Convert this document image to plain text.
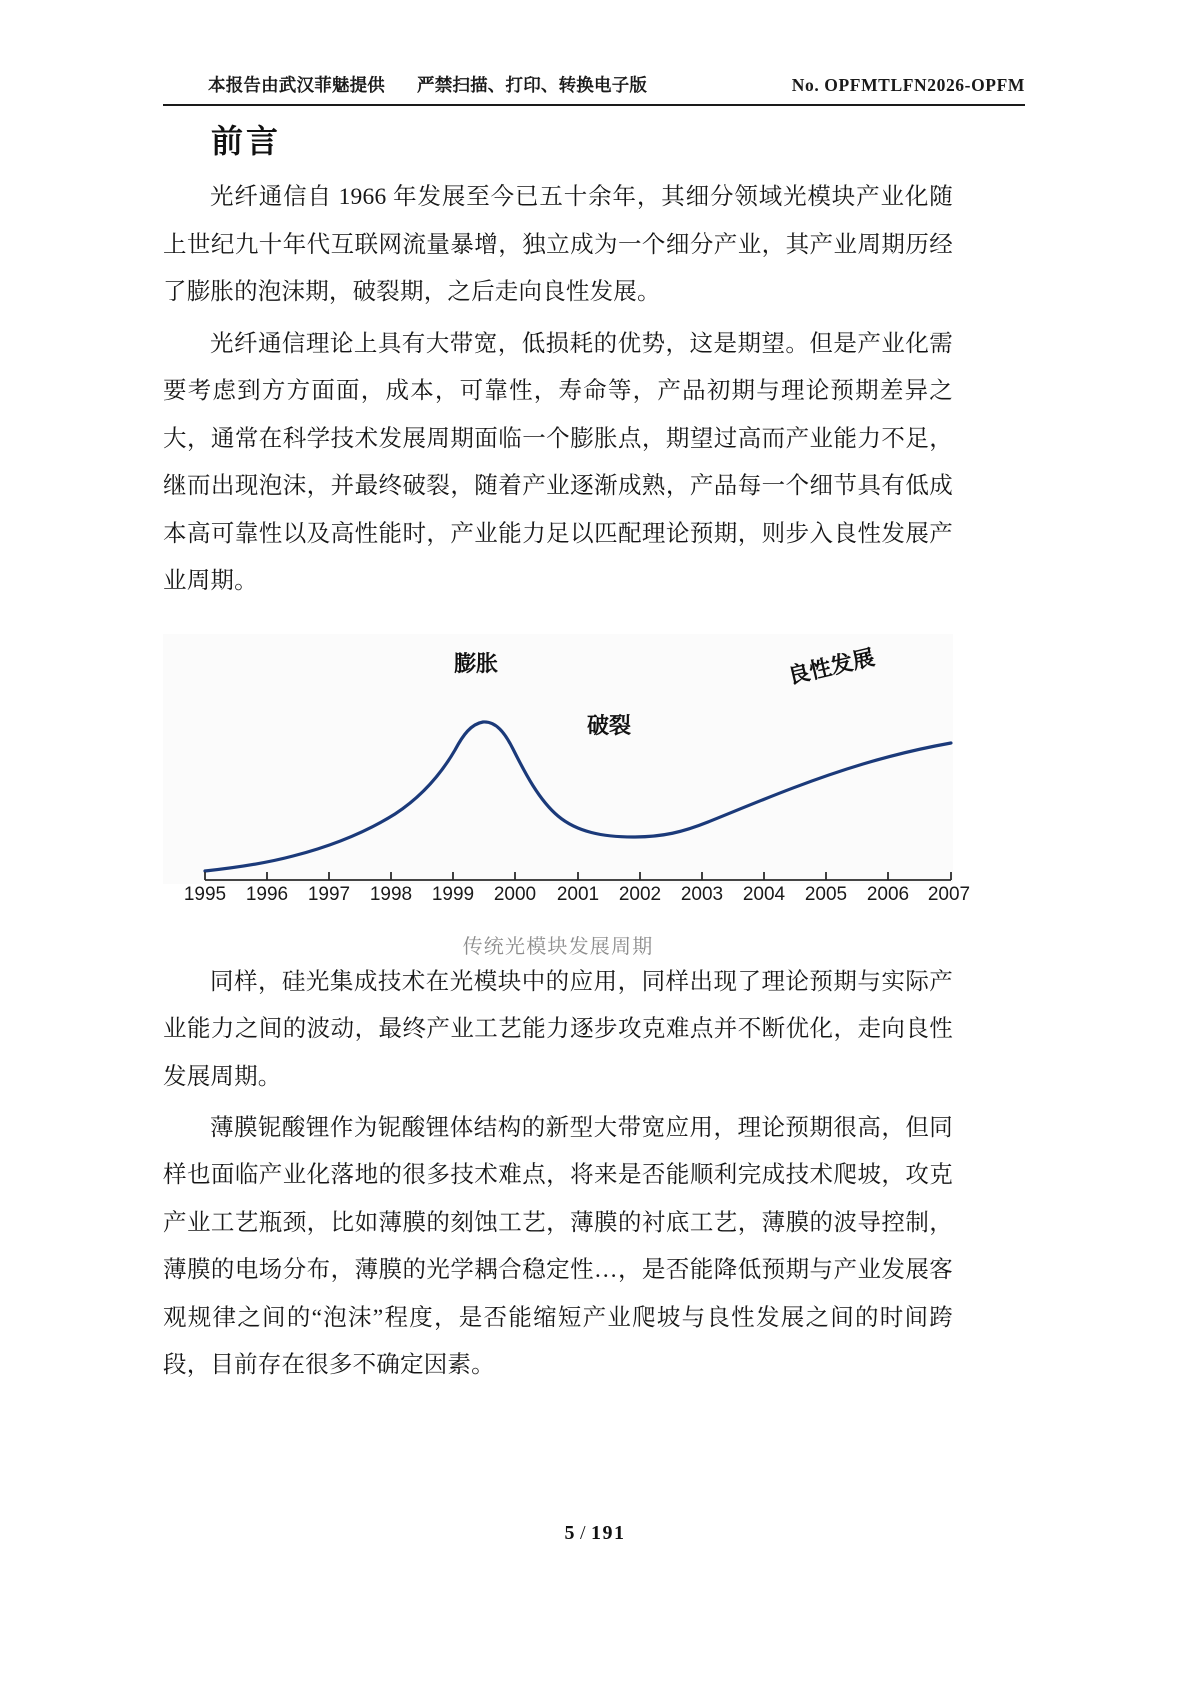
本报告由武汉菲魅提供 严禁扫描、打印、转换电子版	No. OPFMTLFN2026-OPFM
前言

光纤通信自 1966 年发展至今已五十余年，其细分领域光模块产业化随上世纪九十年代互联网流量暴增，独立成为一个细分产业，其产业周期历经了膨胀的泡沫期，破裂期，之后走向良性发展。

光纤通信理论上具有大带宽，低损耗的优势，这是期望。但是产业化需要考虑到方方面面，成本，可靠性，寿命等，产品初期与理论预期差异之大，通常在科学技术发展周期面临一个膨胀点，期望过高而产业能力不足，继而出现泡沫，并最终破裂，随着产业逐渐成熟，产品每一个细节具有低成本高可靠性以及高性能时，产业能力足以匹配理论预期，则步入良性发展产业周期。

膨胀
破裂
良性发展
1995 1996 1997 1998 1999 2000 2001 2002 2003 2004 2005 2006 2007
传统光模块发展周期

同样，硅光集成技术在光模块中的应用，同样出现了理论预期与实际产业能力之间的波动，最终产业工艺能力逐步攻克难点并不断优化，走向良性发展周期。

薄膜铌酸锂作为铌酸锂体结构的新型大带宽应用，理论预期很高，但同样也面临产业化落地的很多技术难点，将来是否能顺利完成技术爬坡，攻克产业工艺瓶颈，比如薄膜的刻蚀工艺，薄膜的衬底工艺，薄膜的波导控制，薄膜的电场分布，薄膜的光学耦合稳定性…，是否能降低预期与产业发展客观规律之间的“泡沫”程度，是否能缩短产业爬坡与良性发展之间的时间跨段，目前存在很多不确定因素。

5 / 191
